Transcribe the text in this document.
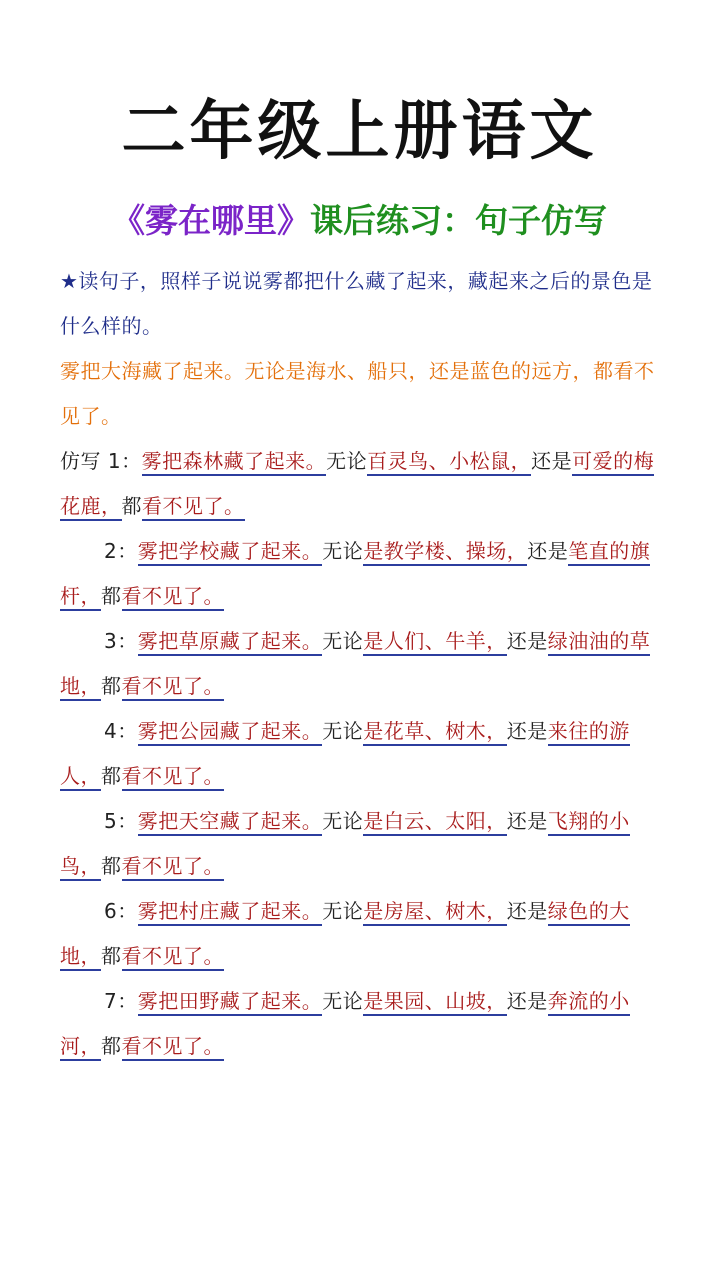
二年级上册语文
《雾在哪里》课后练习：句子仿写
★读句子，照样子说说雾都把什么藏了起来，藏起来之后的景色是什么样的。
雾把大海藏了起来。无论是海水、船只，还是蓝色的远方，都看不见了。
仿写 1：雾把森林藏了起来。无论百灵鸟、小松鼠，还是可爱的梅花鹿，都看不见了。
2：雾把学校藏了起来。无论是教学楼、操场，还是笔直的旗杆，都看不见了。
3：雾把草原藏了起来。无论是人们、牛羊，还是绿油油的草地，都看不见了。
4：雾把公园藏了起来。无论是花草、树木，还是来往的游人，都看不见了。
5：雾把天空藏了起来。无论是白云、太阳，还是飞翔的小鸟，都看不见了。
6：雾把村庄藏了起来。无论是房屋、树木，还是绿色的大地，都看不见了。
7：雾把田野藏了起来。无论是果园、山坡，还是奔流的小河，都看不见了。
